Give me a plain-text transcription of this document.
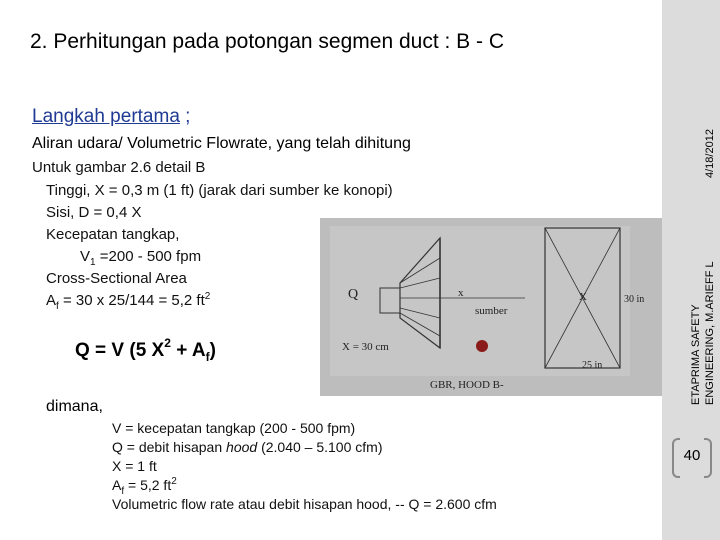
2. Perhitungan pada potongan segmen duct : B - C
Langkah pertama ;
Aliran udara/ Volumetric Flowrate, yang telah dihitung
Untuk gambar 2.6 detail B
Tinggi, X = 0,3 m (1 ft) (jarak dari sumber ke konopi)
Sisi, D = 0,4 X
Kecepatan tangkap,
$V_1 =200 - 500$ fpm
Cross-Sectional Area
$A_f = 30$ x 25/144 = 5,2 $ft^2$
Q = V (5 $X^2 + A_f$)
Q	x
sumber
X = 30 cm
GBR, HOOD B-
30 in
25 in
X
dimana,
V = kecepatan tangkap (200 - 500 fpm)
Q = debit hisapan hood (2.040 – 5.100 cfm)
X = 1 ft
$A_f = 5,2$ $ft^2$
Volumetric flow rate atau debit hisapan hood, -- Q = 2.600 cfm
4/18/2012
ETAPRIMA SAFETY ENGINEERING, M.ARIEFF L
40
